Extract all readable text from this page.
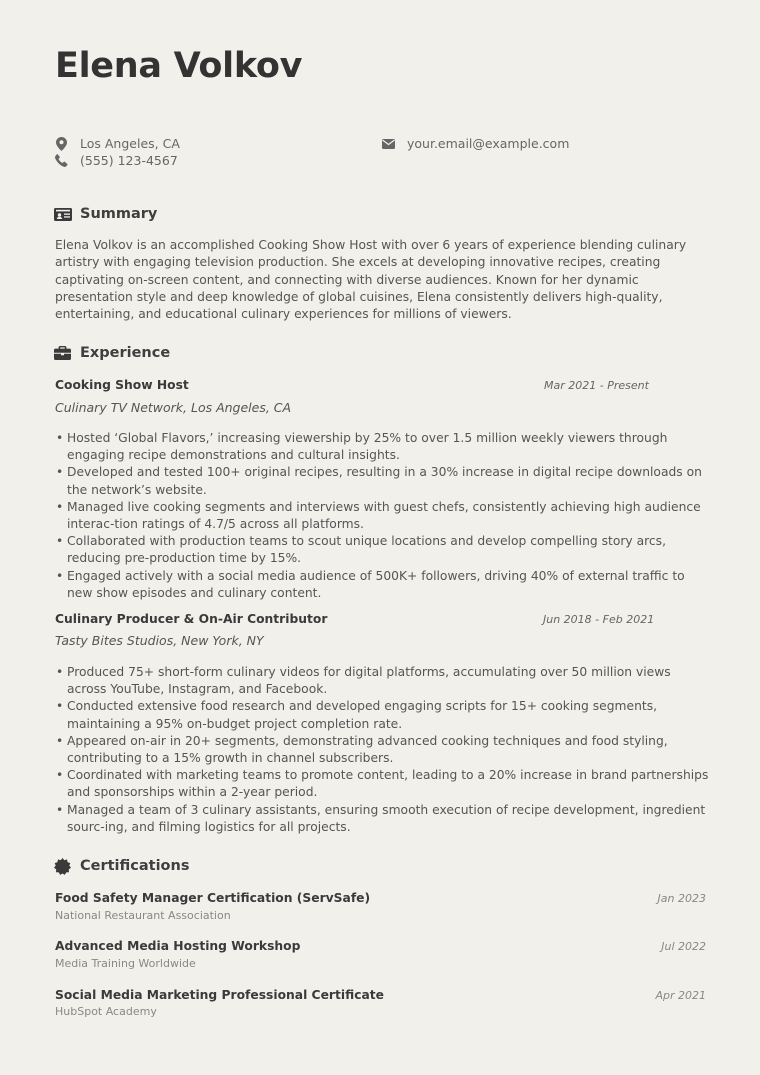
Elena Volkov
Los Angeles, CA
(555) 123-4567
your.email@example.com
Summary

Elena Volkov is an accomplished Cooking Show Host with over 6 years of experience blending culinary artistry with engaging television production. She excels at developing innovative recipes, creating captivating on-screen content, and connecting with diverse audiences. Known for her dynamic presentation style and deep knowledge of global cuisines, Elena consistently delivers high-quality, entertaining, and educational culinary experiences for millions of viewers.

Experience
Cooking Show Host	Mar 2021 - Present
Culinary TV Network, Los Angeles, CA
• Hosted ‘Global Flavors,’ increasing viewership by 25% to over 1.5 million weekly viewers through engaging recipe demonstrations and cultural insights.
• Developed and tested 100+ original recipes, resulting in a 30% increase in digital recipe downloads on the network’s website.
• Managed live cooking segments and interviews with guest chefs, consistently achieving high audience interac-tion ratings of 4.7/5 across all platforms.
• Collaborated with production teams to scout unique locations and develop compelling story arcs, reducing pre-production time by 15%.
• Engaged actively with a social media audience of 500K+ followers, driving 40% of external traffic to new show episodes and culinary content.
Culinary Producer & On-Air Contributor	Jun 2018 - Feb 2021
Tasty Bites Studios, New York, NY
• Produced 75+ short-form culinary videos for digital platforms, accumulating over 50 million views across YouTube, Instagram, and Facebook.
• Conducted extensive food research and developed engaging scripts for 15+ cooking segments, maintaining a 95% on-budget project completion rate.
• Appeared on-air in 20+ segments, demonstrating advanced cooking techniques and food styling, contributing to a 15% growth in channel subscribers.
• Coordinated with marketing teams to promote content, leading to a 20% increase in brand partnerships and sponsorships within a 2-year period.
• Managed a team of 3 culinary assistants, ensuring smooth execution of recipe development, ingredient sourc-ing, and filming logistics for all projects.
Certifications
Food Safety Manager Certification (ServSafe)	Jan 2023
National Restaurant Association
Advanced Media Hosting Workshop	Jul 2022
Media Training Worldwide
Social Media Marketing Professional Certificate	Apr 2021
HubSpot Academy
